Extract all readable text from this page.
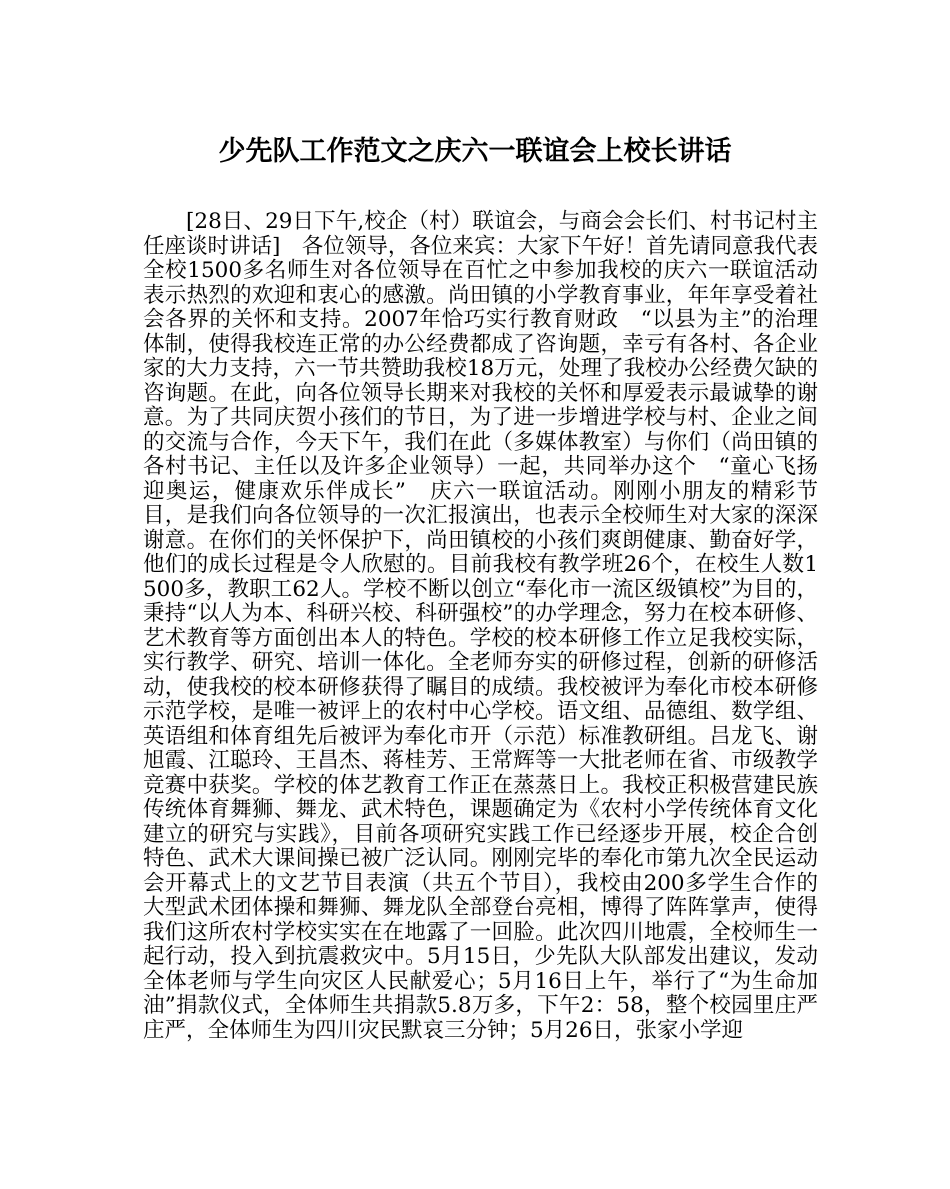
少先队工作范文之庆六一联谊会上校长讲话

[28日、29日下午,校企（村）联谊会，与商会会长们、村书记村主任座谈时讲话]　各位领导，各位来宾：大家下午好！首先请同意我代表全校1500多名师生对各位领导在百忙之中参加我校的庆六一联谊活动表示热烈的欢迎和衷心的感激。尚田镇的小学教育事业，年年享受着社会各界的关怀和支持。2007年恰巧实行教育财政　“以县为主”的治理体制，使得我校连正常的办公经费都成了咨询题，幸亏有各村、各企业家的大力支持，六一节共赞助我校18万元，处理了我校办公经费欠缺的咨询题。在此，向各位领导长期来对我校的关怀和厚爱表示最诚挚的谢意。为了共同庆贺小孩们的节日，为了进一步增进学校与村、企业之间的交流与合作，今天下午，我们在此（多媒体教室）与你们（尚田镇的各村书记、主任以及许多企业领导）一起，共同举办这个　“童心飞扬迎奥运，健康欢乐伴成长”　庆六一联谊活动。刚刚小朋友的精彩节目，是我们向各位领导的一次汇报演出，也表示全校师生对大家的深深谢意。在你们的关怀保护下，尚田镇校的小孩们爽朗健康、勤奋好学，他们的成长过程是令人欣慰的。目前我校有教学班26个，在校生人数1500多，教职工62人。学校不断以创立“奉化市一流区级镇校”为目的，秉持“以人为本、科研兴校、科研强校”的办学理念，努力在校本研修、艺术教育等方面创出本人的特色。学校的校本研修工作立足我校实际，实行教学、研究、培训一体化。全老师夯实的研修过程，创新的研修活动，使我校的校本研修获得了瞩目的成绩。我校被评为奉化市校本研修示范学校，是唯一被评上的农村中心学校。语文组、品德组、数学组、英语组和体育组先后被评为奉化市开（示范）标准教研组。吕龙飞、谢旭霞、江聪玲、王昌杰、蒋桂芳、王常辉等一大批老师在省、市级教学竞赛中获奖。学校的体艺教育工作正在蒸蒸日上。我校正积极营建民族传统体育舞狮、舞龙、武术特色，课题确定为《农村小学传统体育文化建立的研究与实践》，目前各项研究实践工作已经逐步开展，校企合创特色、武术大课间操已被广泛认同。刚刚完毕的奉化市第九次全民运动会开幕式上的文艺节目表演（共五个节目），我校由200多学生合作的大型武术团体操和舞狮、舞龙队全部登台亮相，博得了阵阵掌声，使得我们这所农村学校实实在在地露了一回脸。此次四川地震，全校师生一起行动，投入到抗震救灾中。5月15日，少先队大队部发出建议，发动全体老师与学生向灾区人民献爱心；5月16日上午，举行了“为生命加油”捐款仪式，全体师生共捐款5.8万多，下午2：58，整个校园里庄严庄严，全体师生为四川灾民默哀三分钟；5月26日，张家小学迎
